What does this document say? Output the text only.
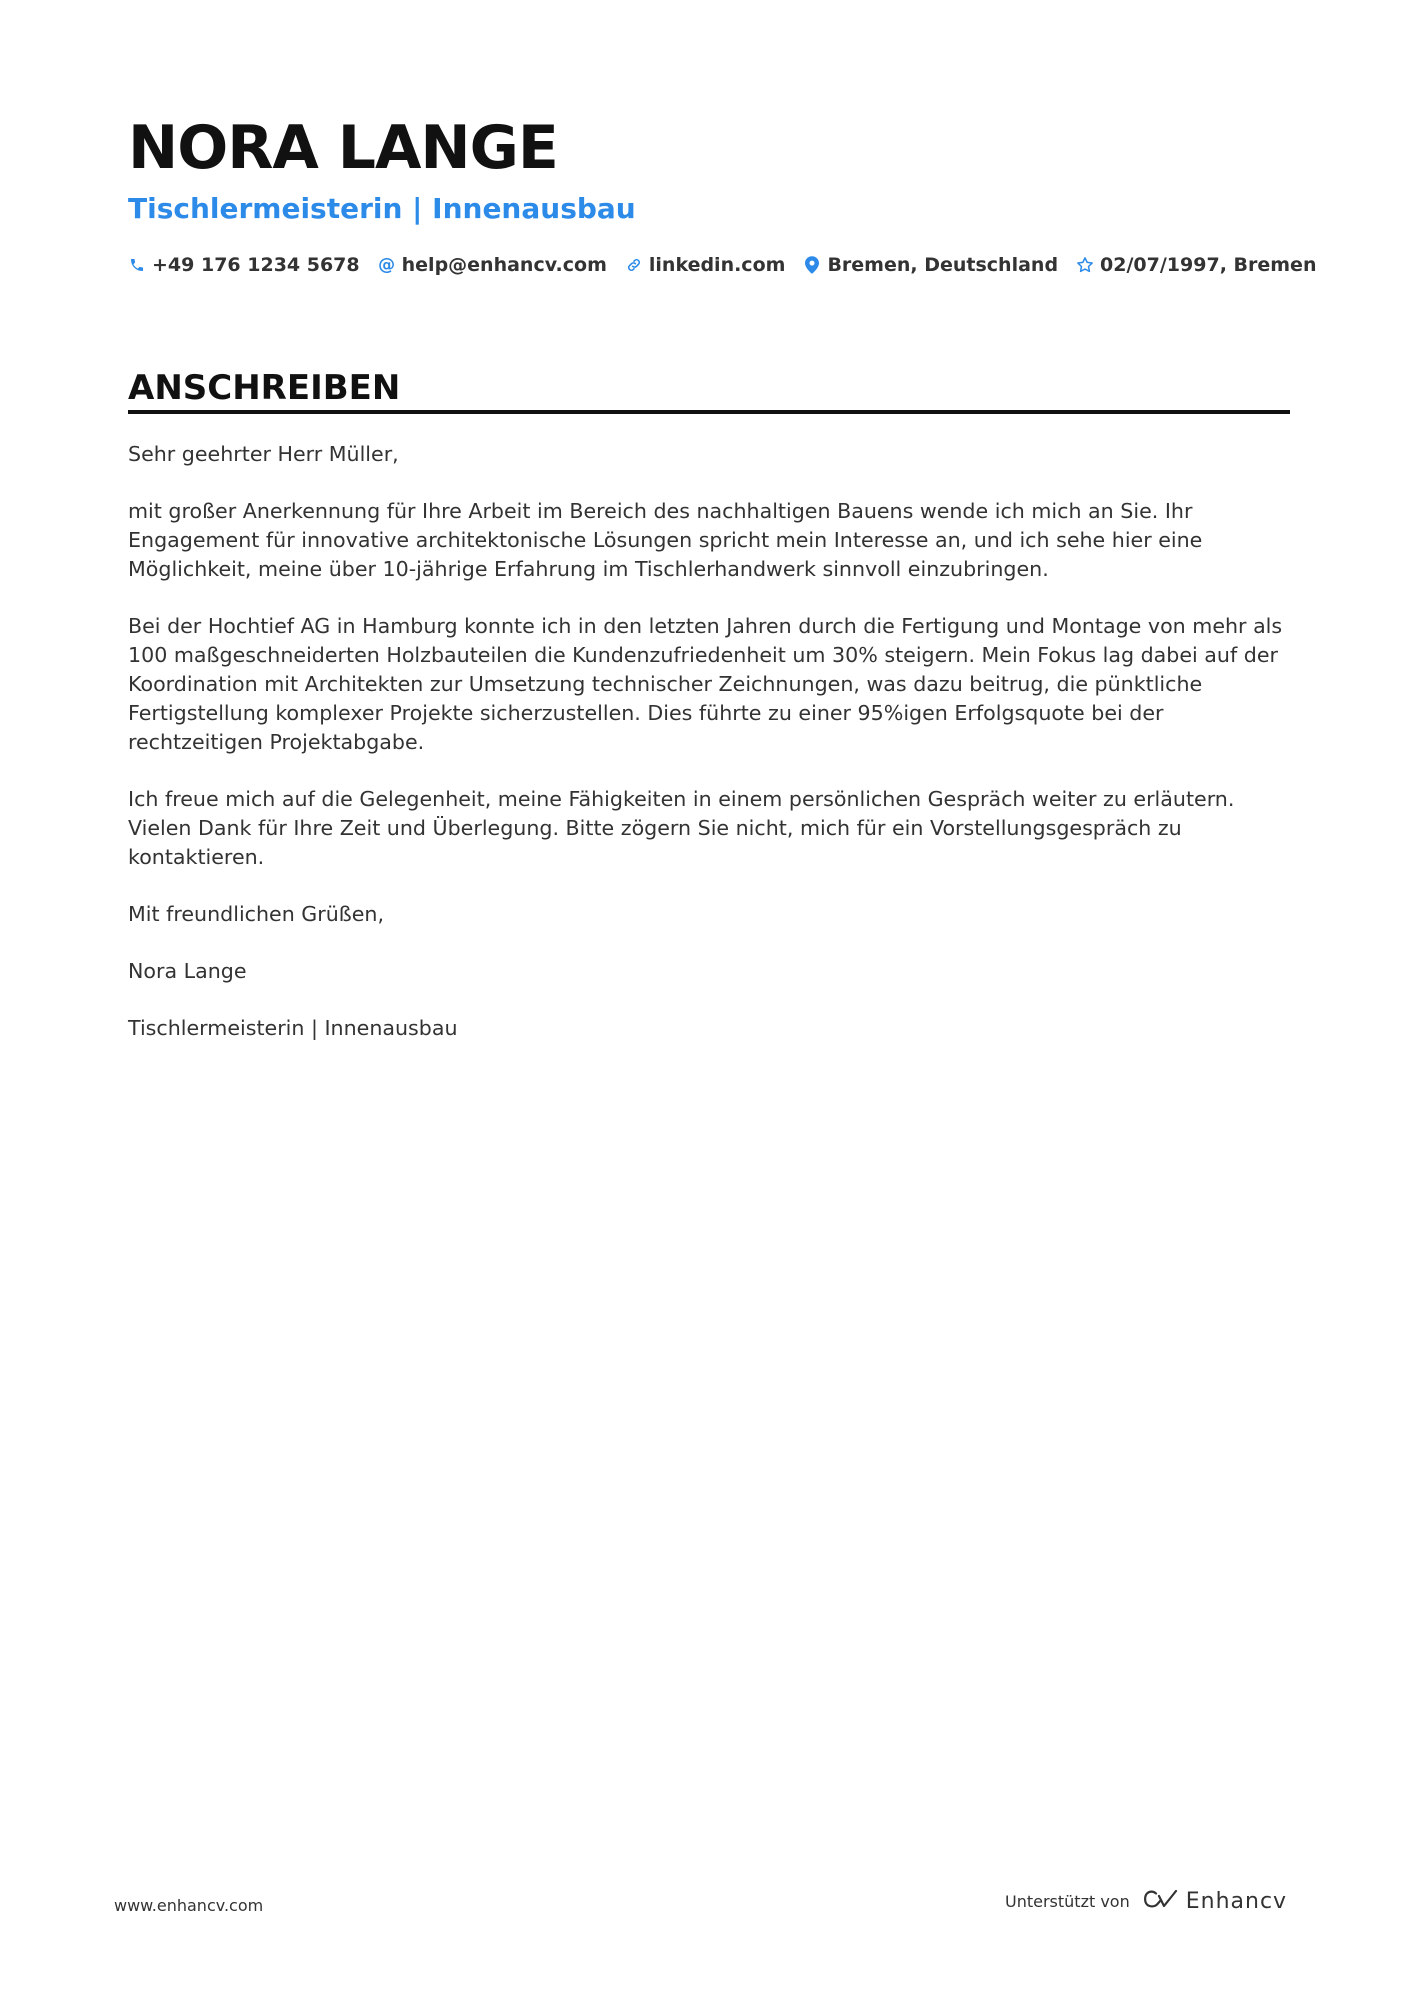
NORA LANGE
Tischlermeisterin | Innenausbau
+49 176 1234 5678 @ help@enhancv.com linkedin.com Bremen, Deutschland 02/07/1997, Bremen
ANSCHREIBEN

Sehr geehrter Herr Müller,

mit großer Anerkennung für Ihre Arbeit im Bereich des nachhaltigen Bauens wende ich mich an Sie. Ihr Engagement für innovative architektonische Lösungen spricht mein Interesse an, und ich sehe hier eine Möglichkeit, meine über 10-jährige Erfahrung im Tischlerhandwerk sinnvoll einzubringen.

Bei der Hochtief AG in Hamburg konnte ich in den letzten Jahren durch die Fertigung und Montage von mehr als 100 maßgeschneiderten Holzbauteilen die Kundenzufriedenheit um 30% steigern. Mein Fokus lag dabei auf der Koordination mit Architekten zur Umsetzung technischer Zeichnungen, was dazu beitrug, die pünktliche Fertigstellung komplexer Projekte sicherzustellen. Dies führte zu einer 95%igen Erfolgsquote bei der rechtzeitigen Projektabgabe.

Ich freue mich auf die Gelegenheit, meine Fähigkeiten in einem persönlichen Gespräch weiter zu erläutern. Vielen Dank für Ihre Zeit und Überlegung. Bitte zögern Sie nicht, mich für ein Vorstellungsgespräch zu kontaktieren.

Mit freundlichen Grüßen,

Nora Lange

Tischlermeisterin | Innenausbau

www.enhancv.com	Unterstützt von	Enhancv
